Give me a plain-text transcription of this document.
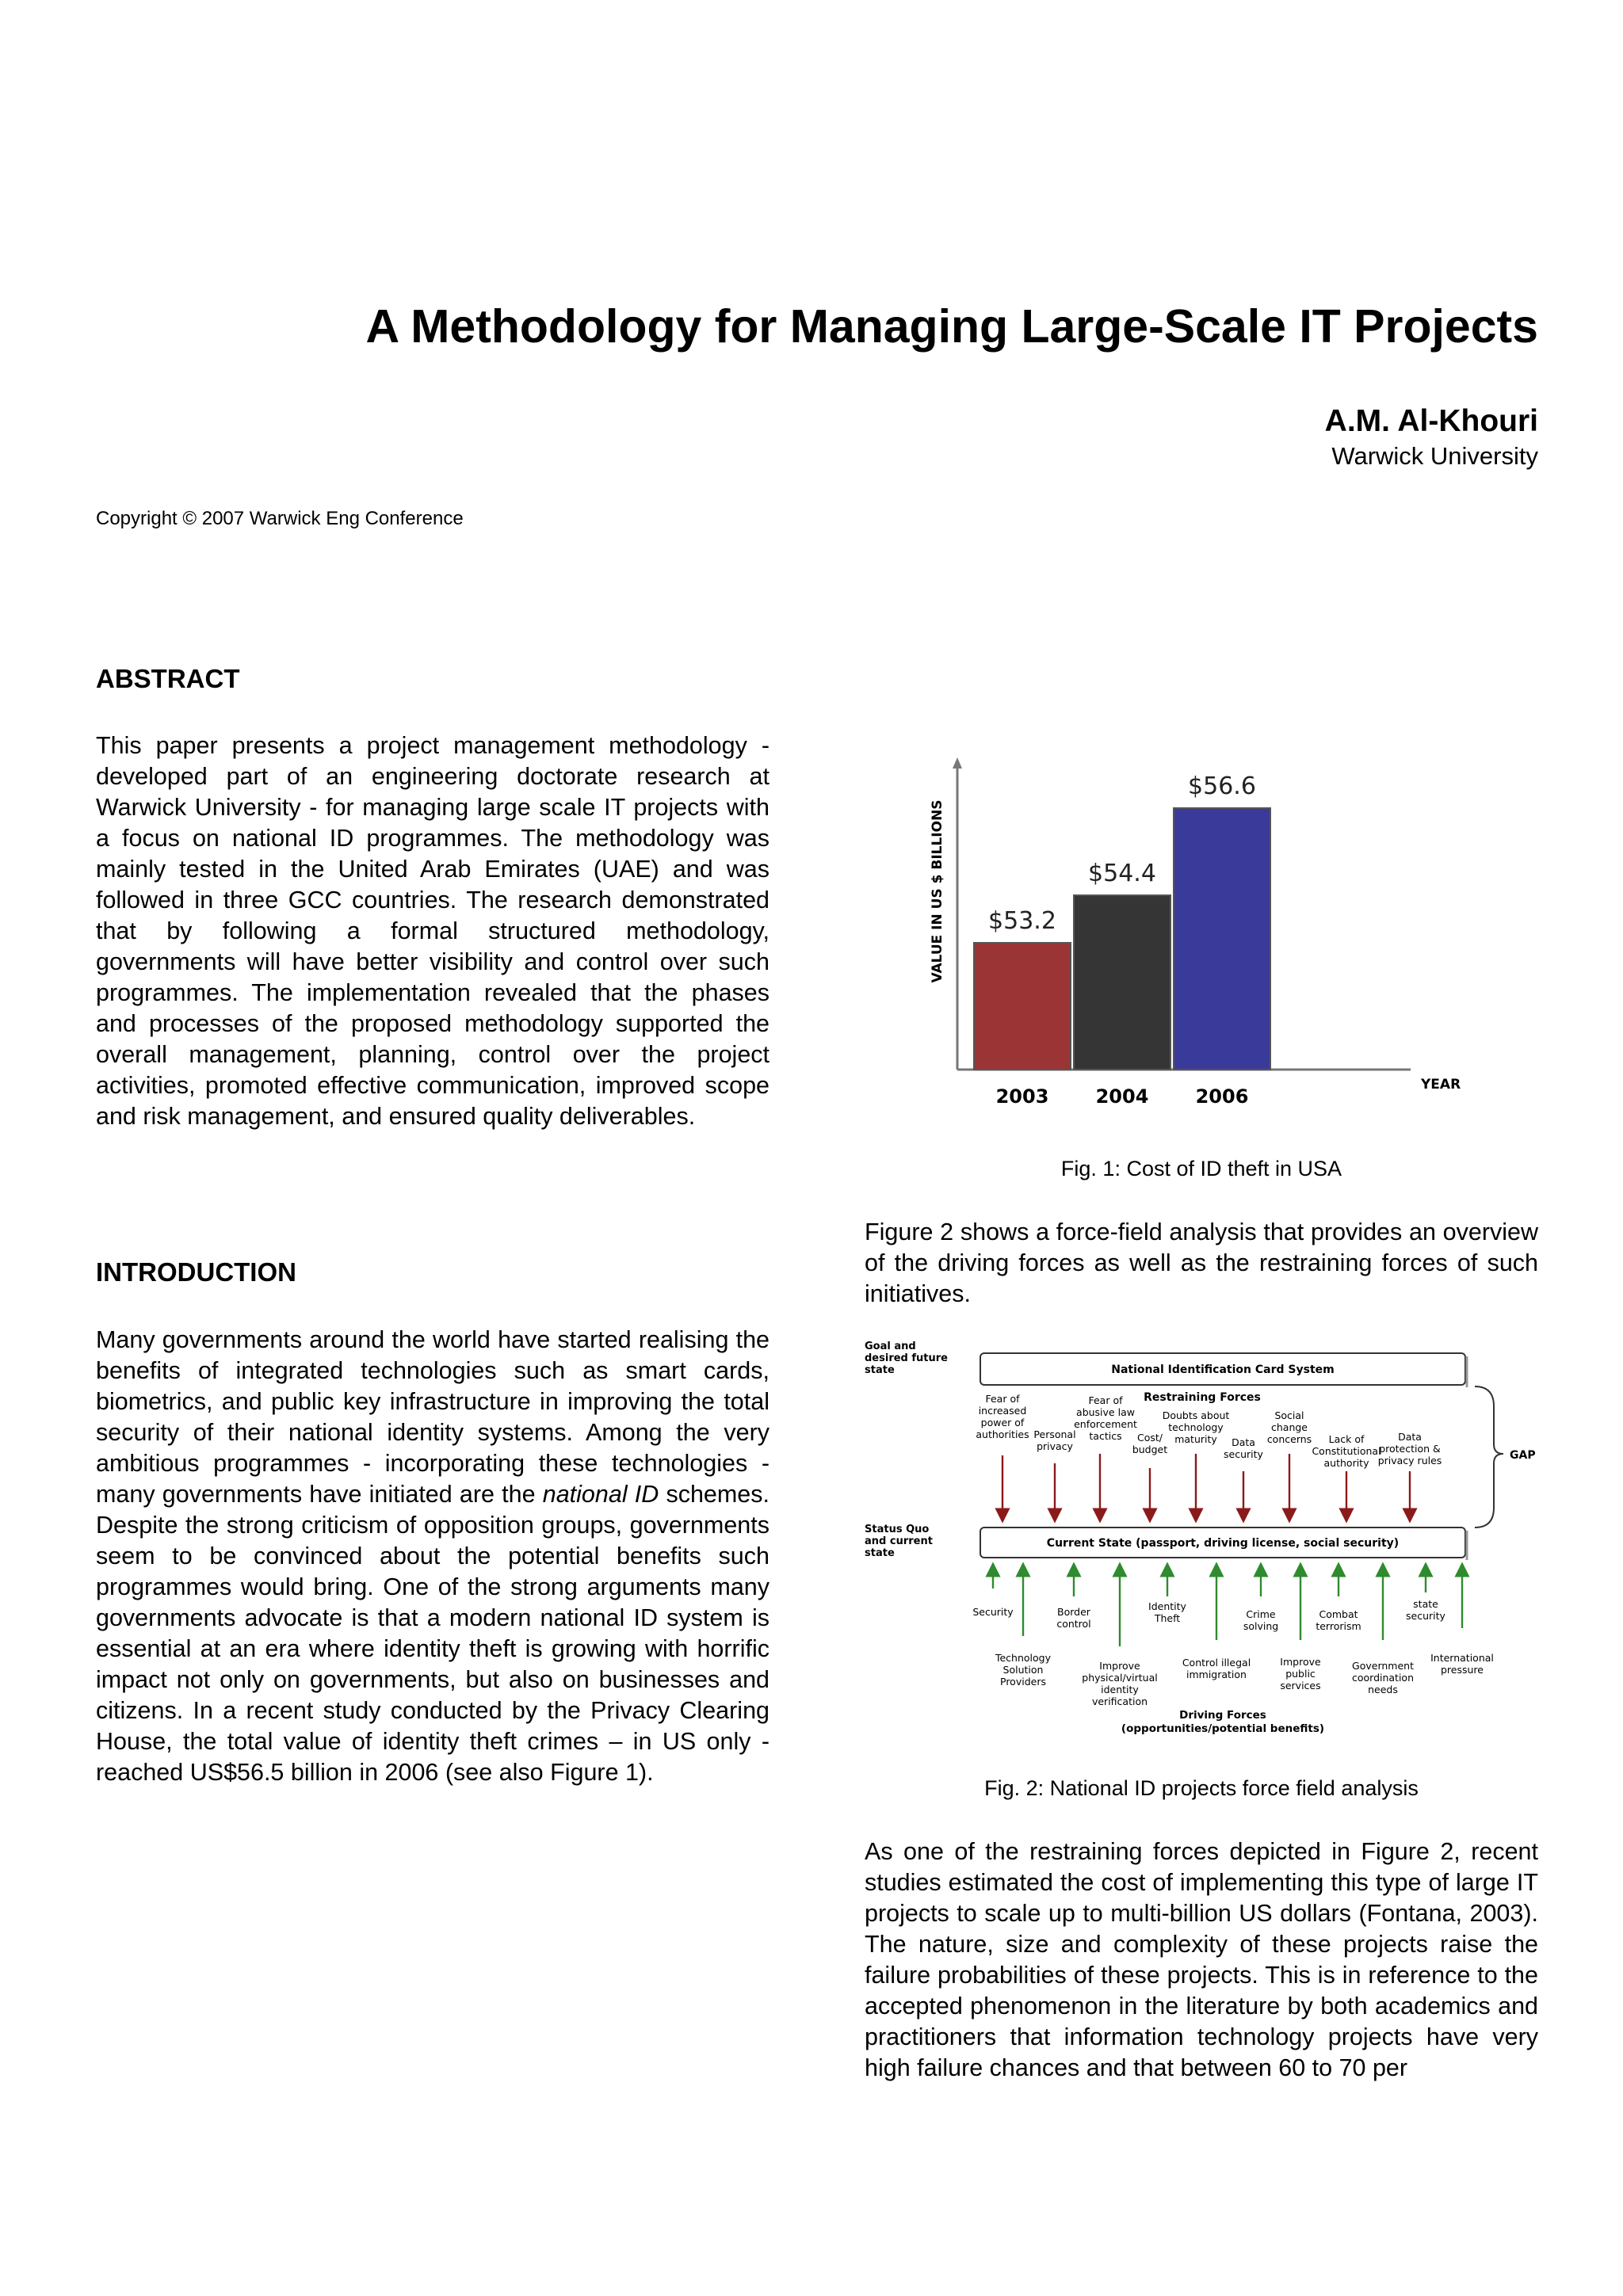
A Methodology for Managing Large-Scale IT Projects
A.M. Al-Khouri
Warwick University
Copyright © 2007 Warwick Eng Conference
ABSTRACT
This paper presents a project management methodology - developed part of an engineering doctorate research at Warwick University - for managing large scale IT projects with a focus on national ID programmes. The methodology was mainly tested in the United Arab Emirates (UAE) and was followed in three GCC countries. The research demonstrated that by following a formal structured methodology, governments will have better visibility and control over such programmes. The implementation revealed that the phases and processes of the proposed methodology supported the overall management, planning, control over the project activities, promoted effective communication, improved scope and risk management, and ensured quality deliverables.
INTRODUCTION
Many governments around the world have started realising the benefits of integrated technologies such as smart cards, biometrics, and public key infrastructure in improving the total security of their national identity systems. Among the very ambitious programmes - incorporating these technologies - many governments have initiated are the national ID schemes. Despite the strong criticism of opposition groups, governments seem to be convinced about the potential benefits such programmes would bring. One of the strong arguments many governments advocate is that a modern national ID system is essential at an era where identity theft is growing with horrific impact not only on governments, but also on businesses and citizens. In a recent study conducted by the Privacy Clearing House, the total value of identity theft crimes – in US only - reached US$56.5 billion in 2006 (see also Figure 1).
VALUE IN US $ BILLIONS
YEAR
$53.2
2003
$54.4
2004
$56.6
2006
Fig. 1: Cost of ID theft in USA
Figure 2 shows a force-field analysis that provides an overview of the driving forces as well as the restraining forces of such initiatives.
Goal and desired future state
Status Quo and current state
National Identification Card System
Current State (passport, driving license, social security)
Restraining Forces
Fear of increased power of authorities Personal privacy
Fear of abusive law enforcement tactics	Cost/ budget
Doubts about technology maturity	Data security
Social change concerns	Lack of Constitutional authority
Data protection & privacy rules	GAP
Security
Technology Solution Providers
Border control
Improve physical/virtual identity verification
Identity Theft
Control illegal immigration
Crime solving
Improve public services
Combat terrorism
Government coordination needs
state security
International pressure
Driving Forces (opportunities/potential benefits)
Fig. 2: National ID projects force field analysis
As one of the restraining forces depicted in Figure 2, recent studies estimated the cost of implementing this type of large IT projects to scale up to multi-billion US dollars (Fontana, 2003). The nature, size and complexity of these projects raise the failure probabilities of these projects. This is in reference to the accepted phenomenon in the literature by both academics and practitioners that information technology projects have very high failure chances and that between 60 to 70 per
